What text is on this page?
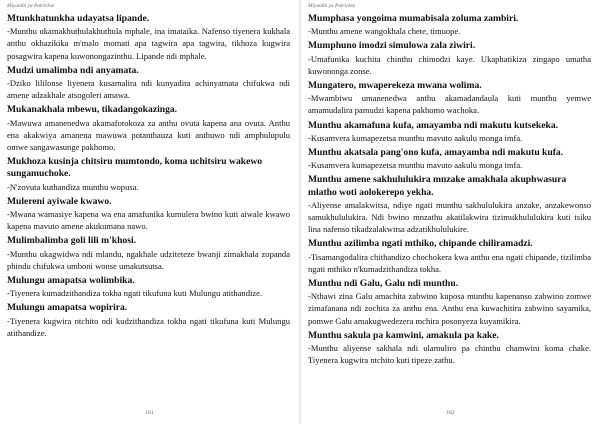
Miyambi ya Patrickse

Mtunkhatunkha udayatsa lipande.

-Munthu ukamakhuthulakhuthula mphale, ina imataika. Nafenso tiyenera kukhala anthu okhazikika m'malo momati apa tagwira apa tagwira, tikhoza kugwira posagwira kapena kuwonongazinthu. Lipande ndi mphale.

Mudzi umalimba ndi anyamata.

-Dziko lililonse liyenera kusamalira ndi kunyadira achinyamata chifukwa ndi amene adzakhale atsogoleri amawa.

Mukanakhala mbewu, tikadangokazinga.

-Mawuwa amanenedwa akamafotokoza za anthu ovuta kapena ana ovuta. Anthu ena akakwiya amanena mawuwa potanthauza kuti anthuwo ndi amphulupulu omwe sangawasunge pakhomo.

Mukhoza kusinja chitsiru mumtondo, koma uchitsiru wakewo sungamuchoke.

-N'zovuta kuthandiza munthu wopusa.

Mulereni ayiwale kwawo.

-Mwana wamasiye kapena wa ena amafunika kumulera bwino kuti aiwale kwawo kapena mavuto amene akukumana nawo.

Mulimbalimba goli lili m'khosi.

-Munthu ukagwidwa ndi mlandu, ngakhale udziteteze bwanji zimakhala zopanda phindu chifukwa umboni wonse umakutsutsa.

Mulungu amapatsa wolimbika.

-Tiyenera kumadzithandiza tokha ngati tikufuna kuti Mulungu atithandize.

Mulungu amapatsa wopirira.

-Tiyenera kugwira ntchito ndi kudzithandiza tokha ngati tikufuna kuti Mulungu atithandize.

161
Miyambi ya Patrickse

Mumphasa yongoima mumabisala zoluma zambiri.

-Munthu amene wangokhala chete, timuope.

Mumphuno imodzi simulowa zala ziwiri.

-Umafunika kuchita chinthu chimodzi kaye. Ukaphatikiza zingapo umatha kuwononga zonse.

Mungatero, mwaperekeza mwana wolima.

-Mwambiwu umanenedwa anthu akamadandaula kuti munthu yemwe amamudalira pamudzi kapena pakhomo wachoka.

Munthu akamafuna kufa, amayamba ndi makutu kutsekeka.

-Kusamvera kumapezetsa munthu mavuto aakulu monga imfa.

Munthu akatsala pang'ono kufa, amayamba ndi makutu kufa.

-Kusamvera kumapezetsa munthu mavuto aakulu monga imfa.

Munthu amene sakhululukira mnzake amakhala akuphwasura mlatho woti aolokerepo yekha.

-Aliyense amalakwitsa, ndiye ngati munthu sakhululukira anzake, anzakewonso samukhululukira. Ndi bwino mnzathu akatilakwira tizimukhululukira kuti tsiku lina nafenso tikadzalakwitsa adzatikhululukire.

Munthu azilimba ngati mthiko, chipande chiliramadzi.

-Tisamangodalira chithandizo chochokera kwa anthu ena ngati chipande, tizilimba ngati mthiko n'kumadzithandiza tokha.

Munthu ndi Galu, Galu ndi munthu.

-Nthawi zina Galu amachita zabwino kuposa munthu kapenanso zabwino zomwe zimafanana ndi zochita za anthu ena. Anthu ena kuwachitira zabwino sayamika, pomwe Galu amakugwedezera mchira posonyeza kuyamikira.

Munthu sakula pa kamwini, amakula pa kake.

-Munthu aliyense sakhala ndi ulamuliro pa chinthu chamwini koma chake. Tiyenera kugwira ntchito kuti tipeze zathu.

162
